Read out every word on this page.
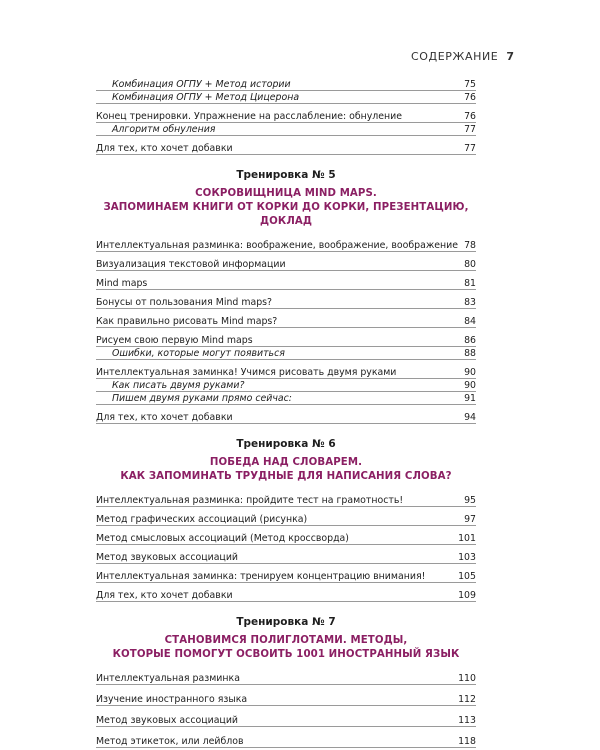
СОДЕРЖАНИЕ 7
Комбинация ОГПУ + Метод истории	75
Комбинация ОГПУ + Метод Цицерона	76
Конец тренировки. Упражнение на расслабление: обнуление	76
Алгоритм обнуления	77
Для тех, кто хочет добавки	77
Тренировка № 5
СОКРОВИЩНИЦА MIND MAPS.
ЗАПОМИНАЕМ КНИГИ ОТ КОРКИ ДО КОРКИ, ПРЕЗЕНТАЦИЮ, ДОКЛАД
Интеллектуальная разминка: воображение, воображение, воображение 78
Визуализация текстовой информации	80
Mind maps	81
Бонусы от пользования Mind maps?	83
Как правильно рисовать Mind maps?	84
Рисуем свою первую Mind maps	86
Ошибки, которые могут появиться	88
Интеллектуальная заминка! Учимся рисовать двумя руками	90
Как писать двумя руками?	90
Пишем двумя руками прямо сейчас:	91
Для тех, кто хочет добавки	94
Тренировка № 6
ПОБЕДА НАД СЛОВАРЕМ.
КАК ЗАПОМИНАТЬ ТРУДНЫЕ ДЛЯ НАПИСАНИЯ СЛОВА?
Интеллектуальная разминка: пройдите тест на грамотность!	95
Метод графических ассоциаций (рисунка)	97
Метод смысловых ассоциаций (Метод кроссворда)	101
Метод звуковых ассоциаций	103
Интеллектуальная заминка: тренируем концентрацию внимания!	105
Для тех, кто хочет добавки	109
Тренировка № 7
СТАНОВИМСЯ ПОЛИГЛОТАМИ. МЕТОДЫ,
КОТОРЫЕ ПОМОГУТ ОСВОИТЬ 1001 ИНОСТРАННЫЙ ЯЗЫК
Интеллектуальная разминка	110
Изучение иностранного языка	112
Метод звуковых ассоциаций	113
Метод этикеток, или лейблов	118
